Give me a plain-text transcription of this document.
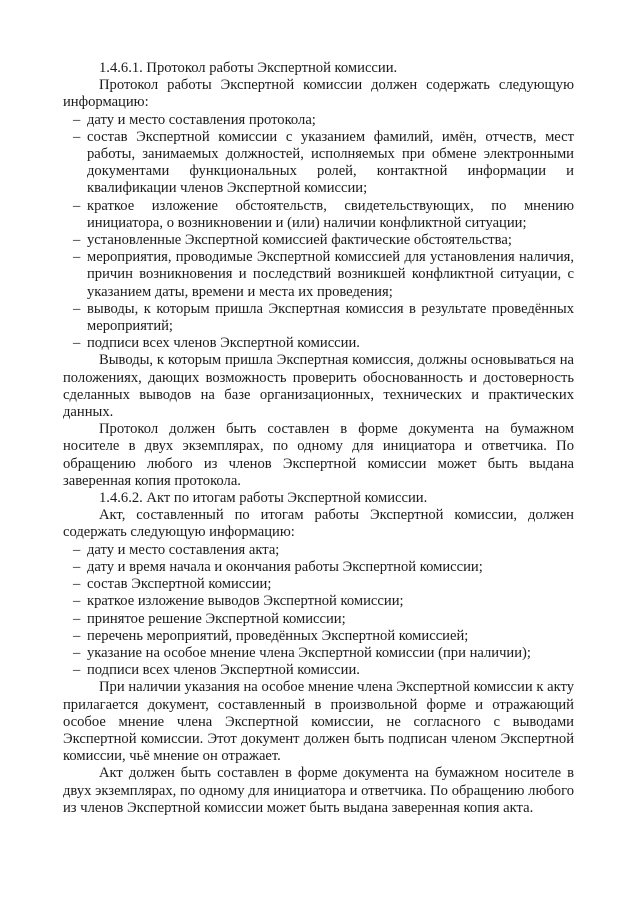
1.4.6.1. Протокол работы Экспертной комиссии.

Протокол работы Экспертной комиссии должен содержать следующую информацию:

– дату и место составления протокола;
– состав Экспертной комиссии с указанием фамилий, имён, отчеств, мест работы, занимаемых должностей, исполняемых при обмене электронными документами функциональных ролей, контактной информации и квалификации членов Экспертной комиссии;
– краткое изложение обстоятельств, свидетельствующих, по мнению инициатора, о возникновении и (или) наличии конфликтной ситуации;
– установленные Экспертной комиссией фактические обстоятельства;
– мероприятия, проводимые Экспертной комиссией для установления наличия, причин возникновения и последствий возникшей конфликтной ситуации, с указанием даты, времени и места их проведения;
– выводы, к которым пришла Экспертная комиссия в результате проведённых мероприятий;
– подписи всех членов Экспертной комиссии.

Выводы, к которым пришла Экспертная комиссия, должны основываться на положениях, дающих возможность проверить обоснованность и достоверность сделанных выводов на базе организационных, технических и практических данных.

Протокол должен быть составлен в форме документа на бумажном носителе в двух экземплярах, по одному для инициатора и ответчика. По обращению любого из членов Экспертной комиссии может быть выдана заверенная копия протокола.

1.4.6.2. Акт по итогам работы Экспертной комиссии.

Акт, составленный по итогам работы Экспертной комиссии, должен содержать следующую информацию:

– дату и место составления акта;
– дату и время начала и окончания работы Экспертной комиссии;
– состав Экспертной комиссии;
– краткое изложение выводов Экспертной комиссии;
– принятое решение Экспертной комиссии;
– перечень мероприятий, проведённых Экспертной комиссией;
– указание на особое мнение члена Экспертной комиссии (при наличии);
– подписи всех членов Экспертной комиссии.

При наличии указания на особое мнение члена Экспертной комиссии к акту прилагается документ, составленный в произвольной форме и отражающий особое мнение члена Экспертной комиссии, не согласного с выводами Экспертной комиссии. Этот документ должен быть подписан членом Экспертной комиссии, чьё мнение он отражает.

Акт должен быть составлен в форме документа на бумажном носителе в двух экземплярах, по одному для инициатора и ответчика. По обращению любого из членов Экспертной комиссии может быть выдана заверенная копия акта.
